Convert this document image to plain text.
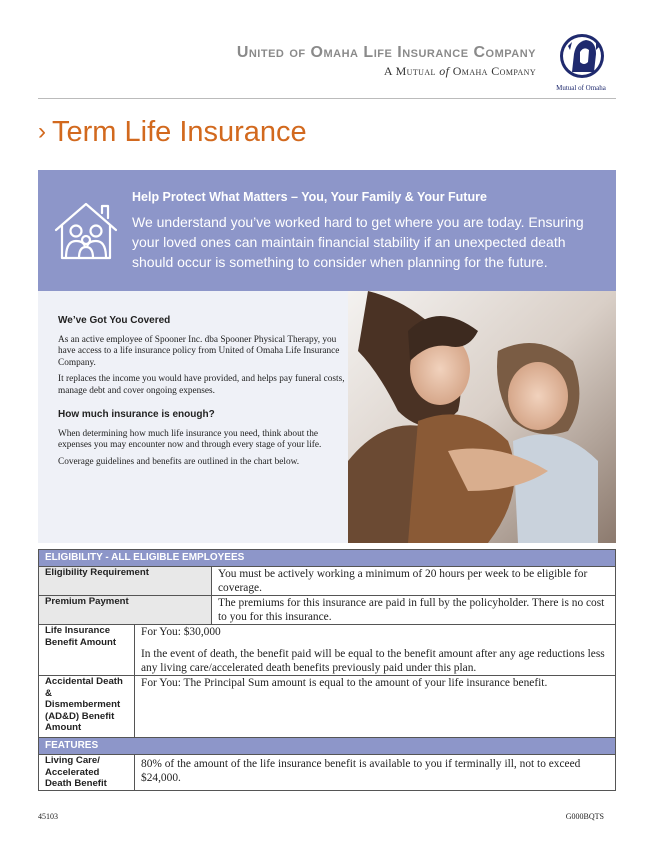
United of Omaha Life Insurance Company
A Mutual of Omaha Company
Mutual of Omaha
› Term Life Insurance
Help Protect What Matters – You, Your Family & Your Future
We understand you’ve worked hard to get where you are today. Ensuring your loved ones can maintain financial stability if an unexpected death should occur is something to consider when planning for the future.
We’ve Got You Covered

As an active employee of Spooner Inc. dba Spooner Physical Therapy, you have access to a life insurance policy from United of Omaha Life Insurance Company.

It replaces the income you would have provided, and helps pay funeral costs, manage debt and cover ongoing expenses.

How much insurance is enough?

When determining how much life insurance you need, think about the expenses you may encounter now and through every stage of your life.

Coverage guidelines and benefits are outlined in the chart below.

ELIGIBILITY - ALL ELIGIBLE EMPLOYEES		
Eligibility Requirement		You must be actively working a minimum of 20 hours per week to be eligible for coverage.
Premium Payment		The premiums for this insurance are paid in full by the policyholder. There is no cost to you for this insurance.
Life Insurance Benefit Amount	For You: $30,000

In the event of death, the benefit paid will be equal to the benefit amount after any age reductions less any living care/accelerated death benefits previously paid under this plan.	

Accidental Death & Dismemberment (AD&D) Benefit Amount	For You: The Principal Sum amount is equal to the amount of your life insurance benefit.	
FEATURES		
Living Care/ Accelerated Death Benefit	80% of the amount of the life insurance benefit is available to you if terminally ill, not to exceed $24,000.	
45103	G000BQTS
